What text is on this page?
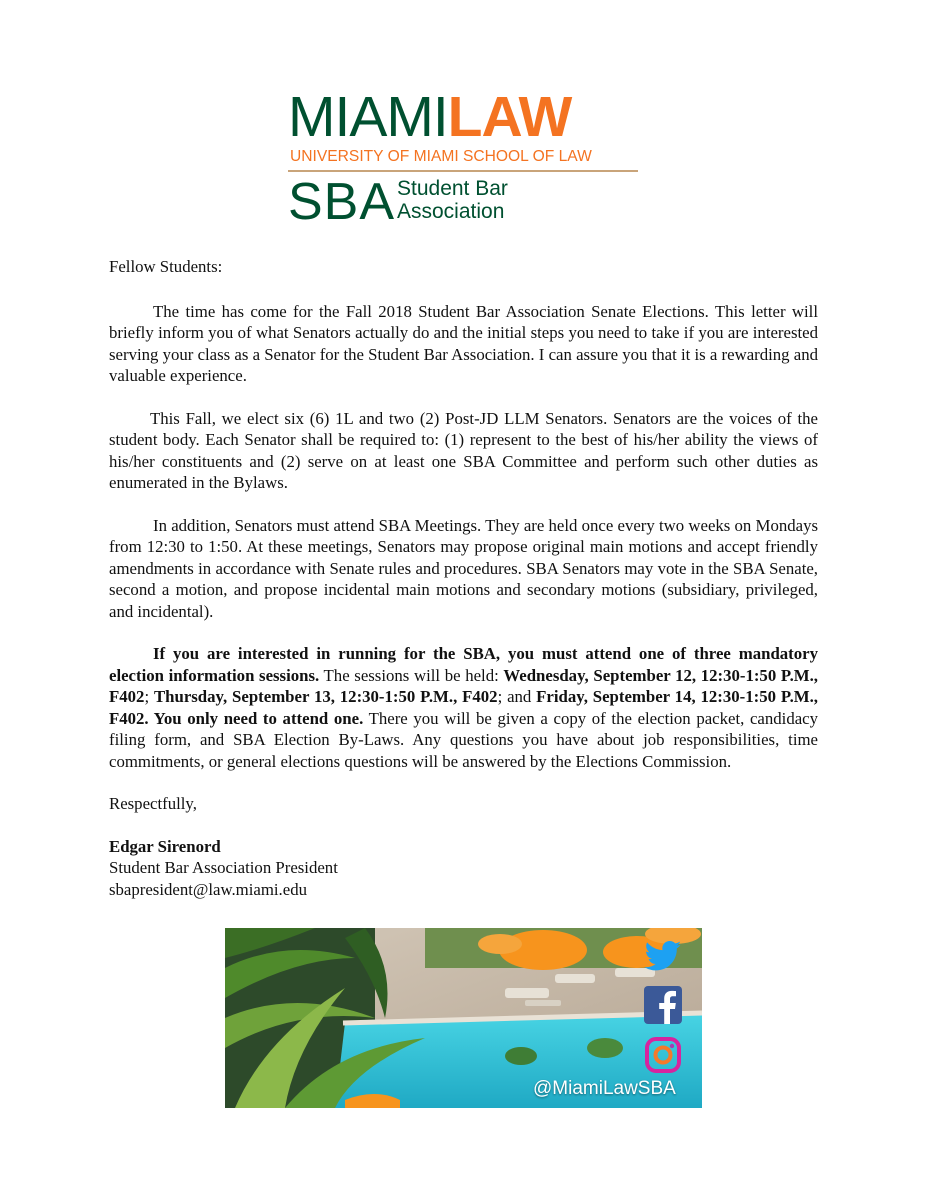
MIAMILAW
UNIVERSITY OF MIAMI SCHOOL OF LAW
SBA Student Bar
Association

Fellow Students:

The time has come for the Fall 2018 Student Bar Association Senate Elections. This letter will briefly inform you of what Senators actually do and the initial steps you need to take if you are interested serving your class as a Senator for the Student Bar Association. I can assure you that it is a rewarding and valuable experience.

This Fall, we elect six (6) 1L and two (2) Post-JD LLM Senators. Senators are the voices of the student body. Each Senator shall be required to: (1) represent to the best of his/her ability the views of his/her constituents and (2) serve on at least one SBA Committee and perform such other duties as enumerated in the Bylaws.

In addition, Senators must attend SBA Meetings. They are held once every two weeks on Mondays from 12:30 to 1:50. At these meetings, Senators may propose original main motions and accept friendly amendments in accordance with Senate rules and procedures. SBA Senators may vote in the SBA Senate, second a motion, and propose incidental main motions and secondary motions (subsidiary, privileged, and incidental).

If you are interested in running for the SBA, you must attend one of three mandatory election information sessions. The sessions will be held: Wednesday, September 12, 12:30-1:50 P.M., F402; Thursday, September 13, 12:30-1:50 P.M., F402; and Friday, September 14, 12:30-1:50 P.M., F402. You only need to attend one. There you will be given a copy of the election packet, candidacy filing form, and SBA Election By-Laws. Any questions you have about job responsibilities, time commitments, or general elections questions will be answered by the Elections Commission.

Respectfully,

Edgar Sirenord

Student Bar Association President

sbapresident@law.miami.edu

@MiamiLawSBA
